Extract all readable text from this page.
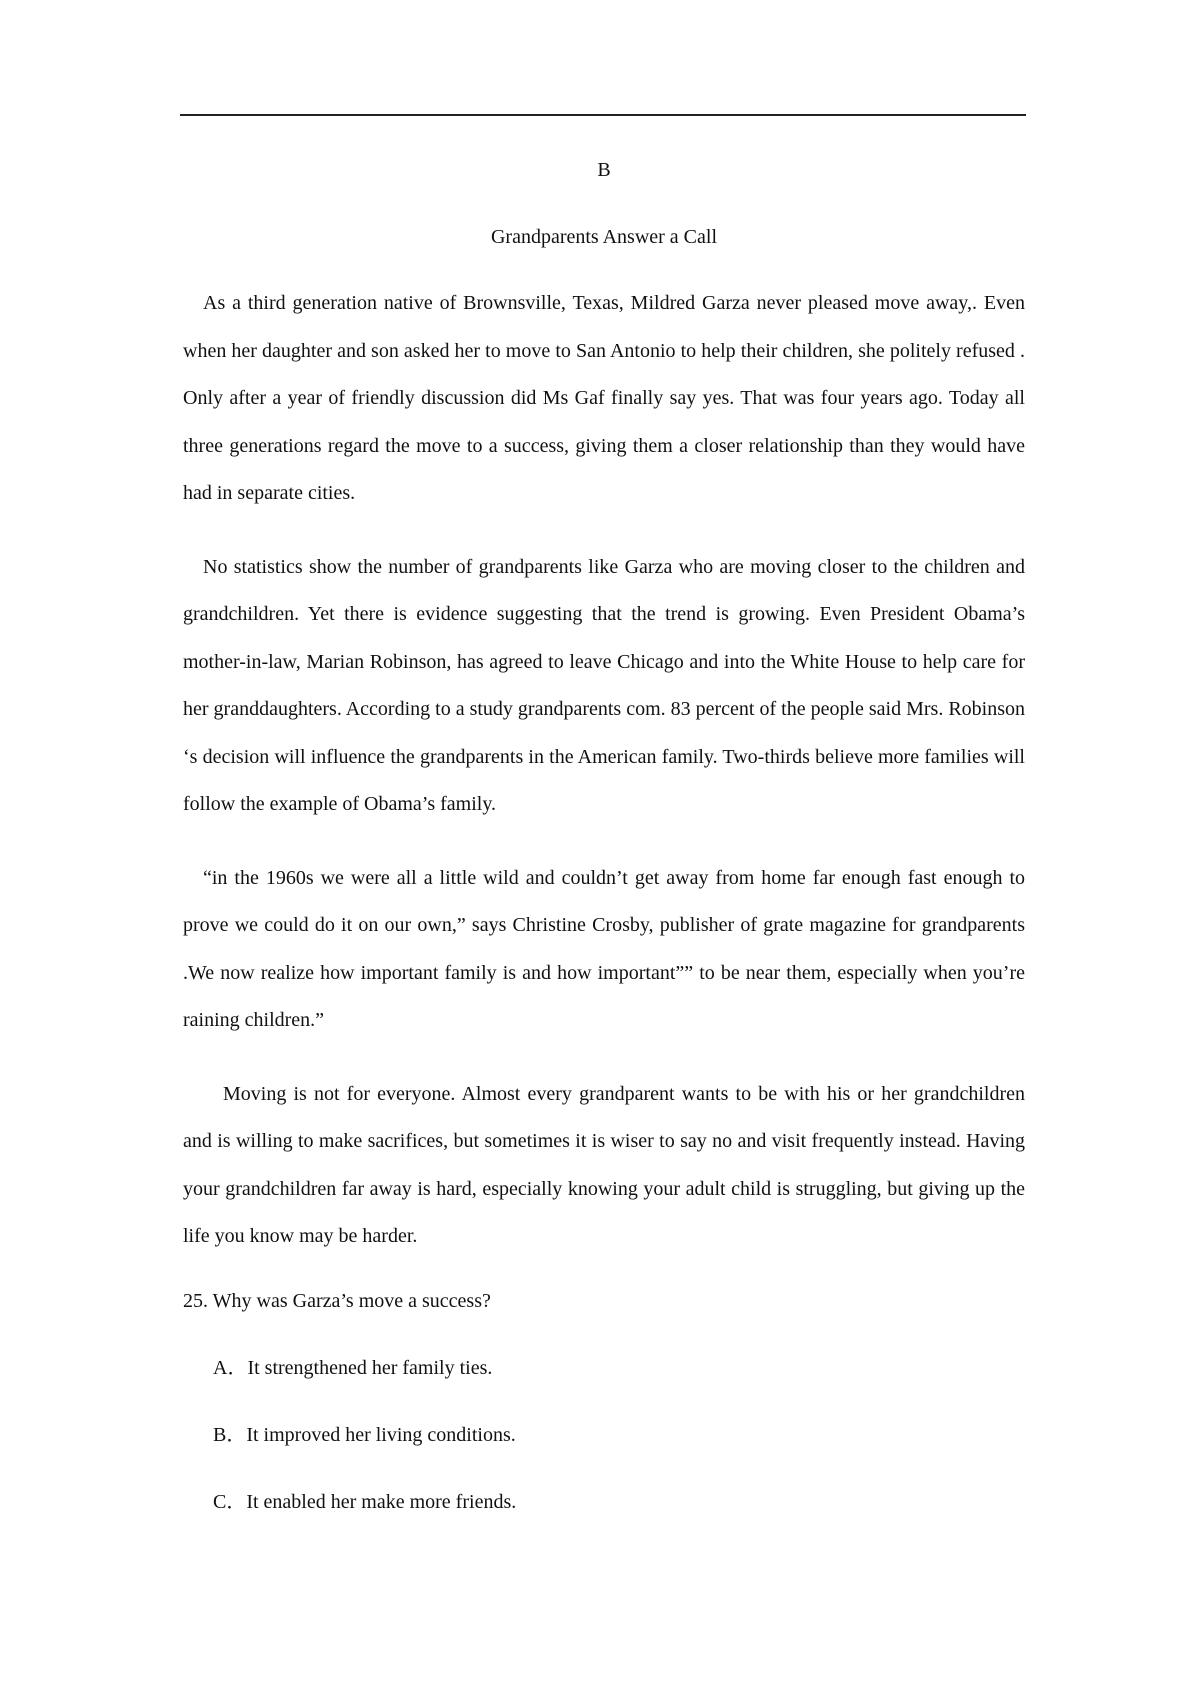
B

Grandparents Answer a Call

As a third generation native of Brownsville, Texas, Mildred Garza never pleased move away,. Even when her daughter and son asked her to move to San Antonio to help their children, she politely refused . Only after a year of friendly discussion did Ms Gaf finally say yes. That was four years ago. Today all three generations regard the move to a success, giving them a closer relationship than they would have had in separate cities.

No statistics show the number of grandparents like Garza who are moving closer to the children and grandchildren. Yet there is evidence suggesting that the trend is growing. Even President Obama’s mother-in-law, Marian Robinson, has agreed to leave Chicago and into the White House to help care for her granddaughters. According to a study grandparents com. 83 percent of the people said Mrs. Robinson ‘s decision will influence the grandparents in the American family. Two-thirds believe more families will follow the example of Obama’s family.

“in the 1960s we were all a little wild and couldn’t get away from home far enough fast enough to prove we could do it on our own,” says Christine Crosby, publisher of grate magazine for grandparents .We now realize how important family is and how important”” to be near them, especially when you’re raining children.”

Moving is not for everyone. Almost every grandparent wants to be with his or her grandchildren and is willing to make sacrifices, but sometimes it is wiser to say no and visit frequently instead. Having your grandchildren far away is hard, especially knowing your adult child is struggling, but giving up the life you know may be harder.

25. Why was Garza’s move a success?

A．It strengthened her family ties.

B．It improved her living conditions.

C．It enabled her make more friends.
